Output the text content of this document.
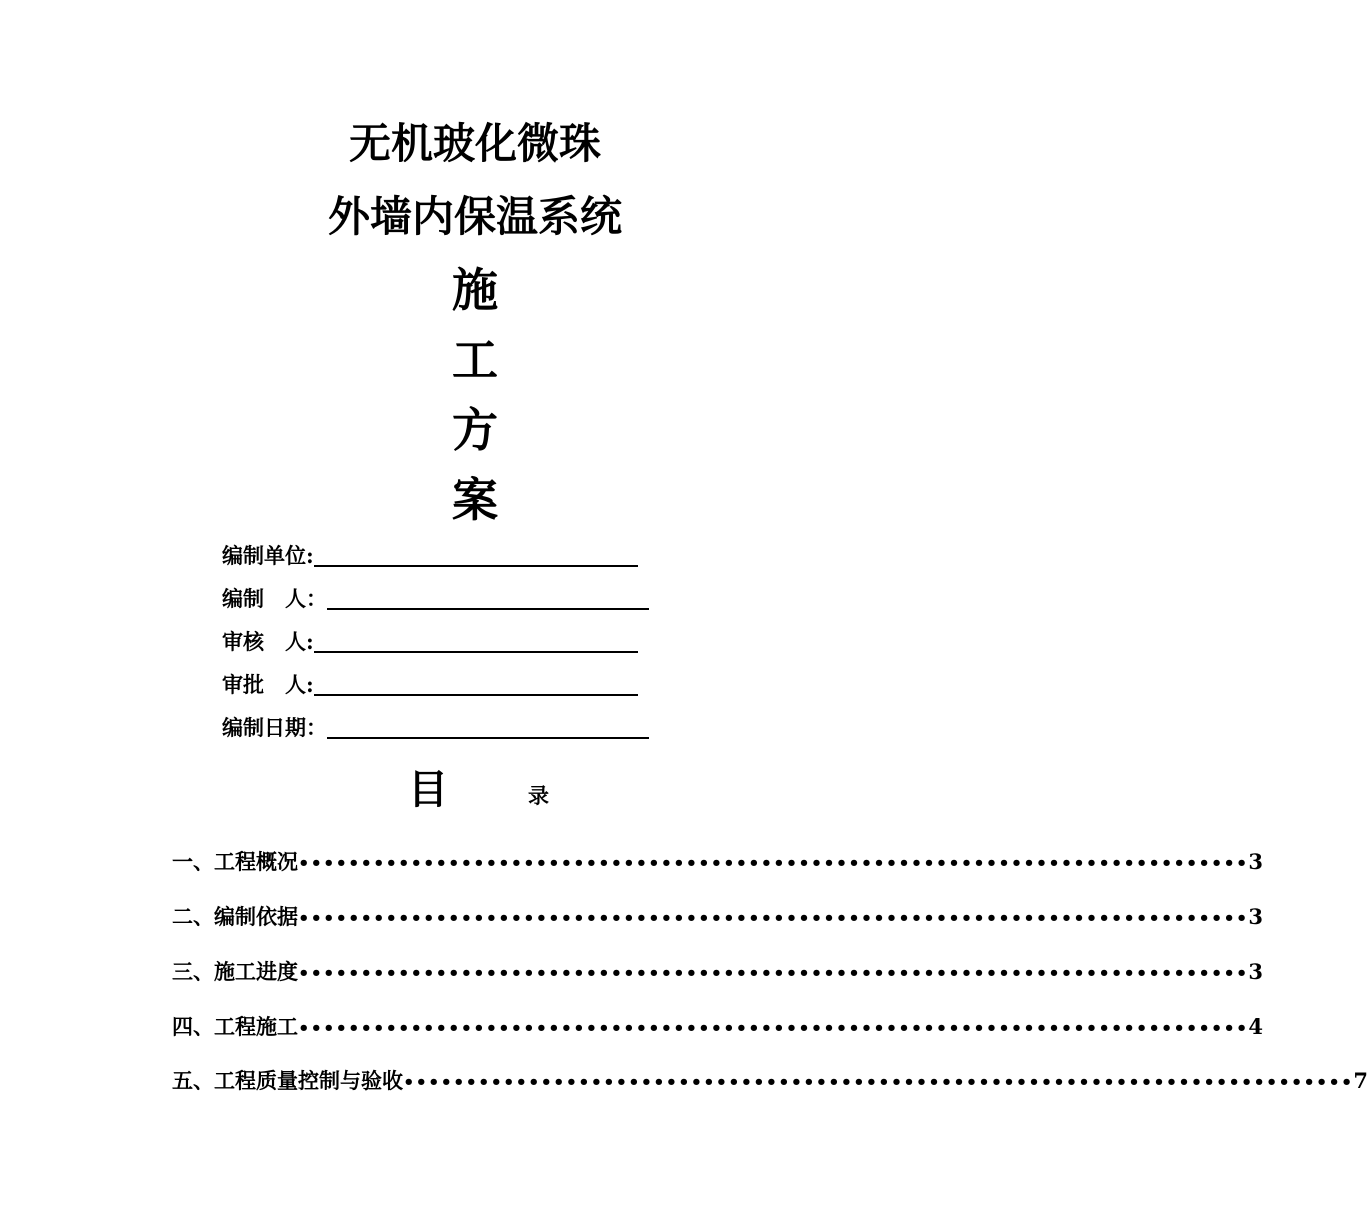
无机玻化微珠
外墙内保温系统
施
工
方
案
编制单位:
编制　人：
审核　人:
审批　人:
编制日期：
目	录
一、工程概况 •••••••••••••••••••••••••••••••••••••••••••••••••••••••••••••••••••••••••••• 3
二、编制依据 •••••••••••••••••••••••••••••••••••••••••••••••••••••••••••••••••••••••••••• 3
三、施工进度 •••••••••••••••••••••••••••••••••••••••••••••••••••••••••••••••••••••••••••• 3
四、工程施工 •••••••••••••••••••••••••••••••••••••••••••••••••••••••••••••••••••••••••••• 4
五、工程质量控制与验收 •••••••••••••••••••••••••••••••••••••••••••••••••••••••••••••••••••••••••••• 7
